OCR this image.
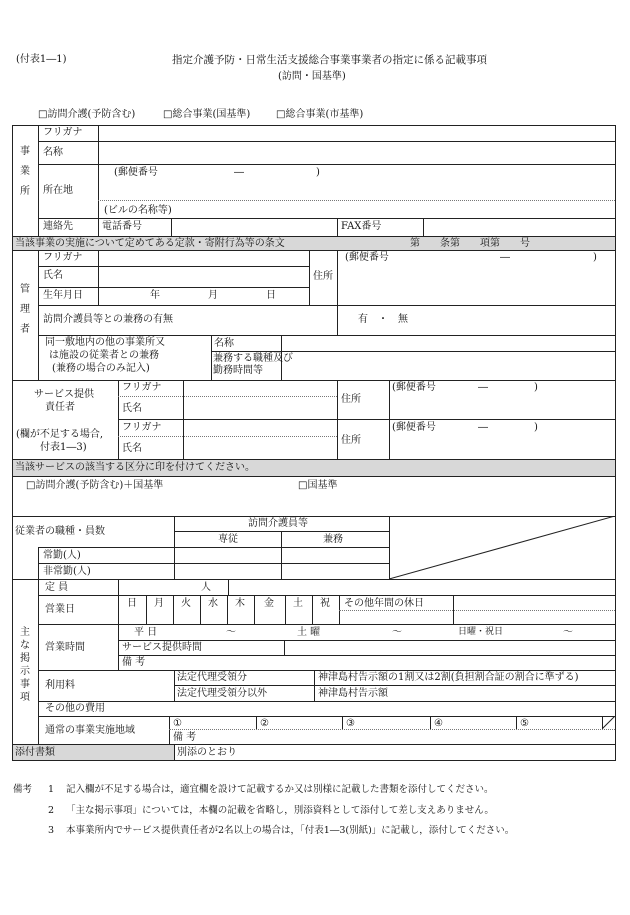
(付表1―1)	指定介護予防・日常生活支援総合事業事業者の指定に係る記載事項
(訪問・国基準)
□訪問介護(予防含む)	□総合事業(国基準)	□総合事業(市基準)
事業所
フリガナ
名称
所在地
(郵便番号	―	)
(ビルの名称等)
連絡先	電話番号	FAX番号
当該事業の実施について定めてある定款・寄附行為等の条文	第　　条第　　項第　　号
管理者
フリガナ
氏名
生年月日	年	月	日
住所
(郵便番号	―	)
訪問介護員等との兼務の有無	有　・　無
同一敷地内の他の事業所又
は施設の従業者との兼務
(兼務の場合のみ記入)
名称
兼務する職種及び
勤務時間等
サービス提供
責任者
(欄が不足する場合,
付表1―3)
フリガナ
氏名
住所
(郵便番号	―	)
フリガナ
氏名
住所
(郵便番号	―	)
当該サービスの該当する区分に印を付けてください。
□訪問介護(予防含む)＋国基準	□国基準
従業者の職種・員数
訪問介護員等
専従	兼務
常勤(人)
非常勤(人)
主な掲示事項
定 員	人
営業日
日 月 火 水 木 金 土 祝 その他年間の休日
営業時間
平 日	～	土 曜	～	日曜・祝日	～
サービス提供時間
備 考
利用料
法定代理受領分	神津島村告示額の1割又は2割(負担割合証の割合に準ずる)
法定代理受領分以外	神津島村告示額
その他の費用
通常の事業実施地域
①	②	③	④	⑤
備 考
添付書類	別添のとおり
備考 1 記入欄が不足する場合は，適宜欄を設けて記載するか又は別様に記載した書類を添付してください。
2 「主な掲示事項」については，本欄の記載を省略し，別添資料として添付して差し支えありません。
3 本事業所内でサービス提供責任者が2名以上の場合は，「付表1―3(別紙)」に記載し，添付してください。
